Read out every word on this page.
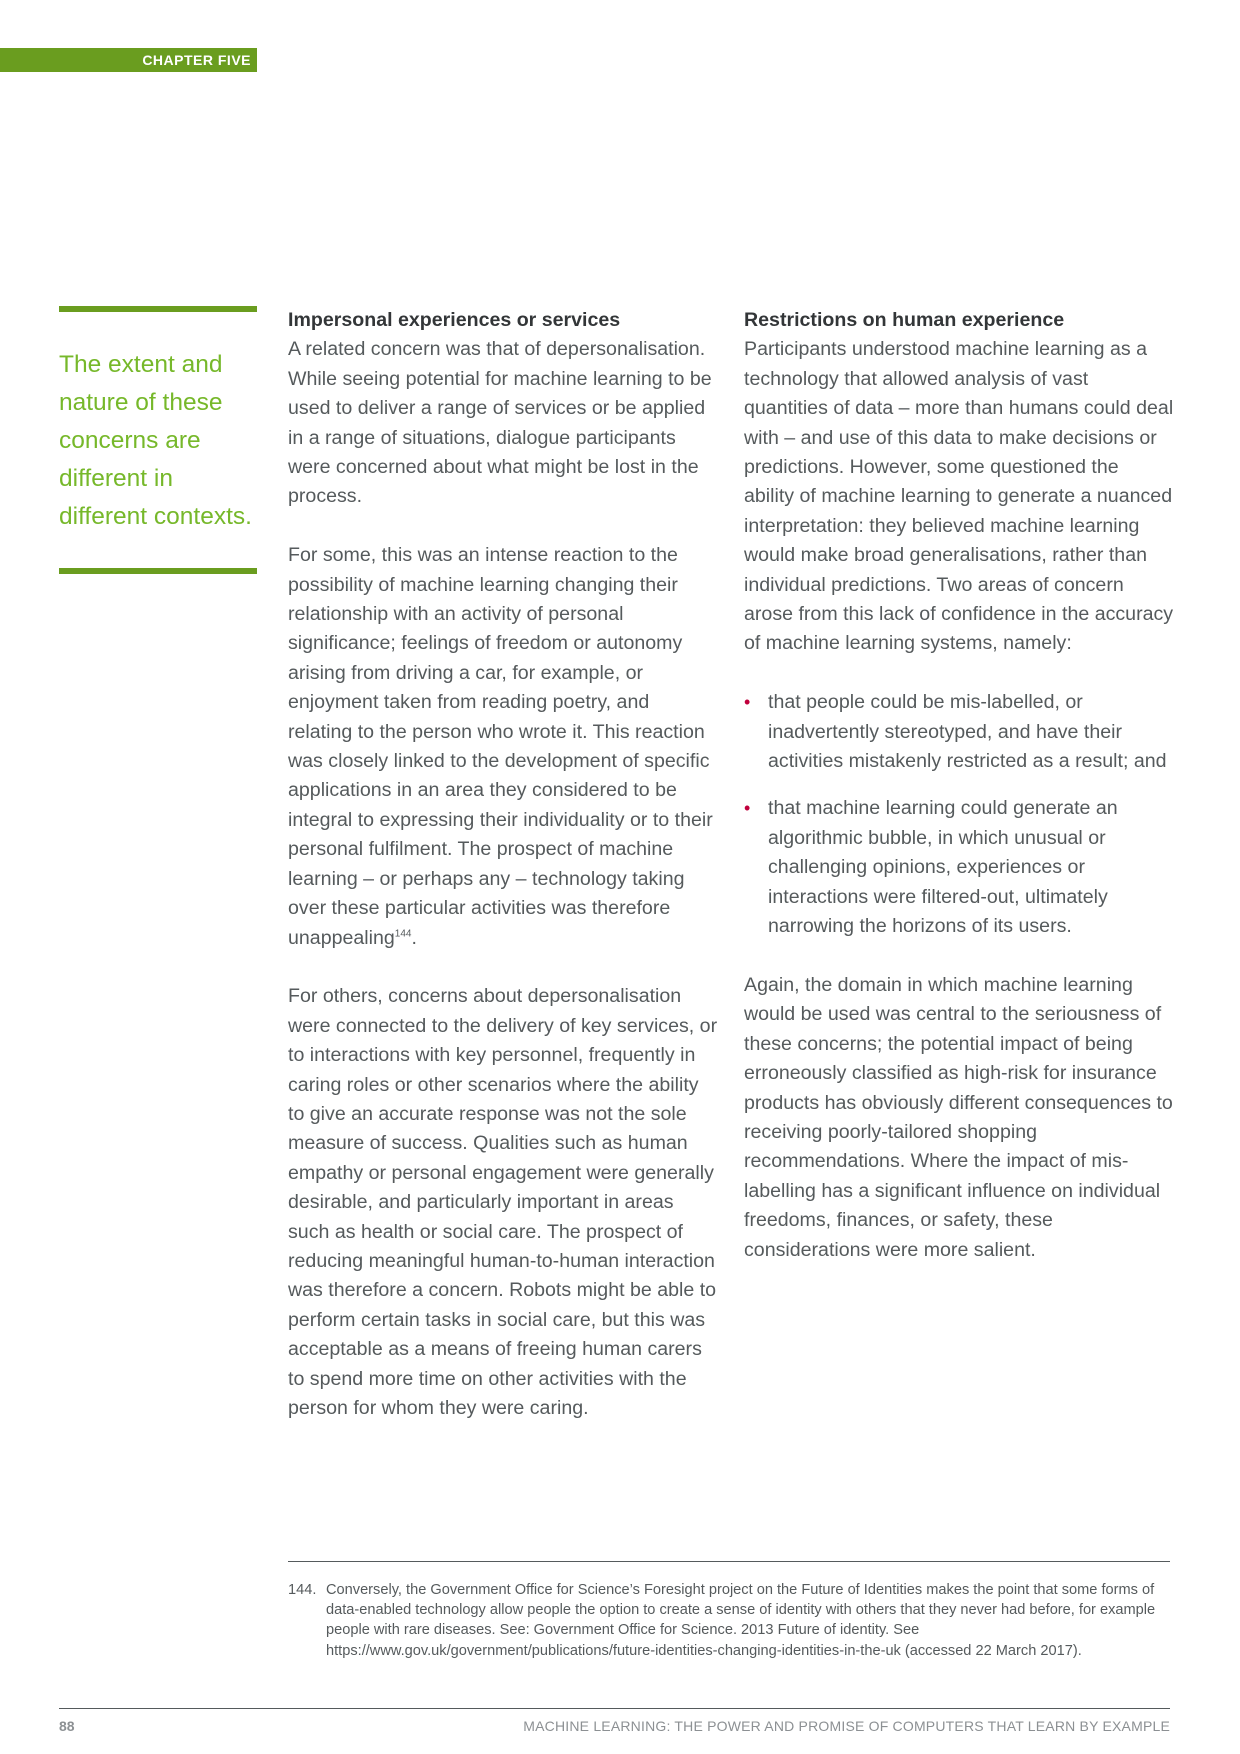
CHAPTER FIVE
The extent and nature of these concerns are different in different contexts.
Impersonal experiences or services

A related concern was that of depersonalisation. While seeing potential for machine learning to be used to deliver a range of services or be applied in a range of situations, dialogue participants were concerned about what might be lost in the process.

For some, this was an intense reaction to the possibility of machine learning changing their relationship with an activity of personal significance; feelings of freedom or autonomy arising from driving a car, for example, or enjoyment taken from reading poetry, and relating to the person who wrote it. This reaction was closely linked to the development of specific applications in an area they considered to be integral to expressing their individuality or to their personal fulfilment. The prospect of machine learning – or perhaps any – technology taking over these particular activities was therefore unappealing$^{144}$.

For others, concerns about depersonalisation were connected to the delivery of key services, or to interactions with key personnel, frequently in caring roles or other scenarios where the ability to give an accurate response was not the sole measure of success. Qualities such as human empathy or personal engagement were generally desirable, and particularly important in areas such as health or social care. The prospect of reducing meaningful human-to-human interaction was therefore a concern. Robots might be able to perform certain tasks in social care, but this was acceptable as a means of freeing human carers to spend more time on other activities with the person for whom they were caring.

Restrictions on human experience

Participants understood machine learning as a technology that allowed analysis of vast quantities of data – more than humans could deal with – and use of this data to make decisions or predictions. However, some questioned the ability of machine learning to generate a nuanced interpretation: they believed machine learning would make broad generalisations, rather than individual predictions. Two areas of concern arose from this lack of confidence in the accuracy of machine learning systems, namely:

• that people could be mis-labelled, or inadvertently stereotyped, and have their activities mistakenly restricted as a result; and
• that machine learning could generate an algorithmic bubble, in which unusual or challenging opinions, experiences or interactions were filtered-out, ultimately narrowing the horizons of its users.

Again, the domain in which machine learning would be used was central to the seriousness of these concerns; the potential impact of being erroneously classified as high-risk for insurance products has obviously different consequences to receiving poorly-tailored shopping recommendations. Where the impact of mis-labelling has a significant influence on individual freedoms, finances, or safety, these considerations were more salient.

144. Conversely, the Government Office for Science’s Foresight project on the Future of Identities makes the point that some forms of data-enabled technology allow people the option to create a sense of identity with others that they never had before, for example people with rare diseases. See: Government Office for Science. 2013 Future of identity. See https://www.gov.uk/government/publications/future-identities-changing-identities-in-the-uk (accessed 22 March 2017).
88	MACHINE LEARNING: THE POWER AND PROMISE OF COMPUTERS THAT LEARN BY EXAMPLE
